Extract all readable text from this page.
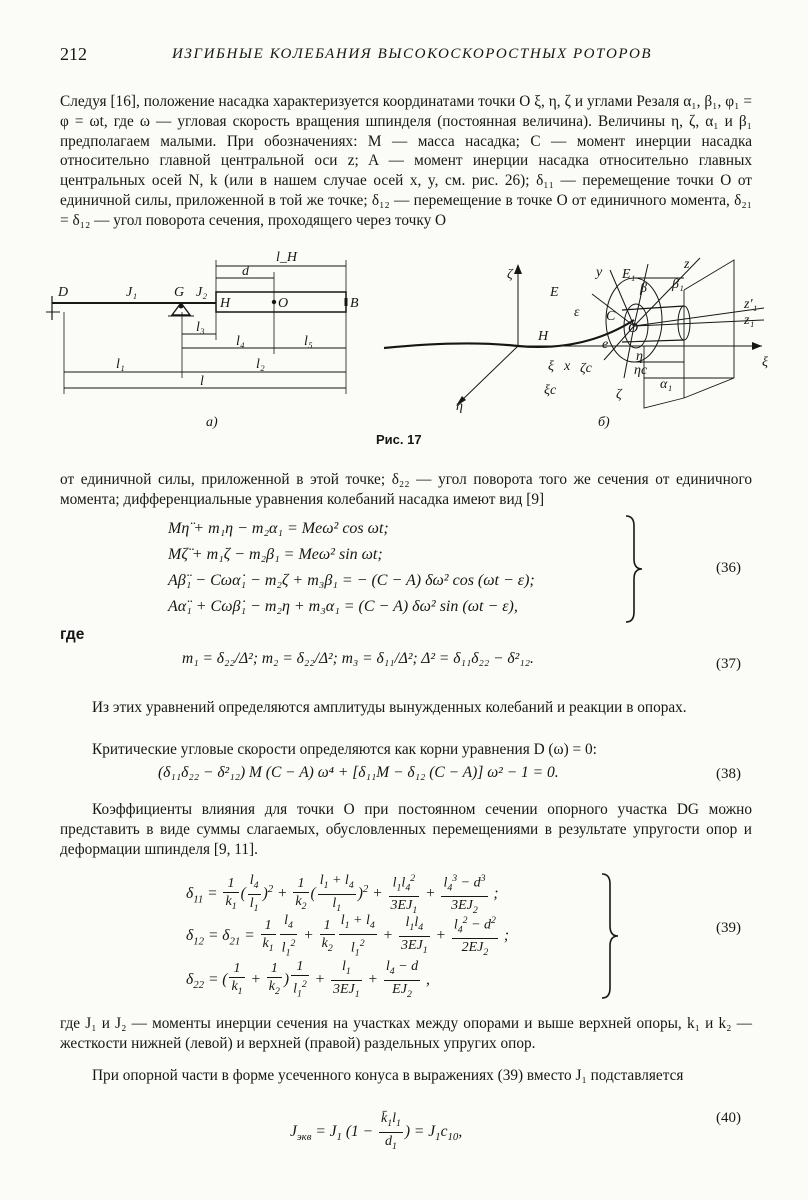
212	ИЗГИБНЫЕ КОЛЕБАНИЯ ВЫСОКОСКОРОСТНЫХ РОТОРОВ

Следуя [16], положение насадка характеризуется координатами точки O ξ, η, ζ и углами Резаля α₁, β₁, φ₁ = φ = ωt, где ω — угловая скорость вращения шпинделя (постоянная величина). Величины η, ζ, α₁ и β₁ предполагаем малыми. При обозначениях: M — масса насадка; C — момент инерции насадка относительно главной центральной оси z; A — момент инерции насадка относительно главных центральных осей N, k (или в нашем случае осей x, y, см. рис. 26); δ₁₁ — перемещение точки O от единичной силы, приложенной в той же точке; δ₁₂ — перемещение в точке O от единичного момента, δ₂₁ = δ₁₂ — угол поворота сечения, проходящего через точку O

D	J₁	G J₂
H	O	B
l_H
d
l₃
l₄	l₅
l₁	l₂
l
а)
ζ	y E₁
z
E
ε
β β₁
z'₁
z₁
C
O
e
H
x ζc
η
ηc
α₁
ξ
ξc
ξ
η
ζ
б)
Рис. 17

от единичной силы, приложенной в этой точке; δ₂₂ — угол поворота того же сечения от единичного момента; дифференциальные уравнения колебаний насадка имеют вид [9]

Mη̈ + m₁η − m₂α₁ = Meω² cos ωt;
Mζ̈ + m₁ζ − m₂β₁ = Meω² sin ωt;
Aβ̈₁ − Cωα̇₁ − m₂ζ + m₃β₁ = − (C − A) δω² cos (ωt − ε);
Aα̈₁ + Cωβ̇₁ − m₂η + m₃α₁ = (C − A) δω² sin (ωt − ε),
(36)
где
m₁ = δ₂₂/Δ²; m₂ = δ₂₂/Δ²; m₃ = δ₁₁/Δ²; Δ² = δ₁₁δ₂₂ − δ²₁₂.	(37)

Из этих уравнений определяются амплитуды вынужденных колебаний и реакции в опорах.

Критические угловые скорости определяются как корни уравнения D (ω) = 0:

(δ₁₁δ₂₂ − δ²₁₂) M (C − A) ω⁴ + [δ₁₁M − δ₁₂ (C − A)] ω² − 1 = 0.	(38)

Коэффициенты влияния для точки O при постоянном сечении опорного участка DG можно представить в виде суммы слагаемых, обусловленных перемещениями в результате упругости опор и деформации шпинделя [9, 11].

$\delta_{11} = \frac{1}{k_1}$ ( $\frac{l_4}{l_1} )^2 + \frac{1}{k_2}$ ( $\frac{l_1 + l_4}{l_1} )^2 + \frac{l_1l_4^2}{3EJ_1} + \frac{l_4^3 - d^3}{3EJ_2}$ ;
$\delta_{12} = \delta_{21} = \frac{1}{k_1} \frac{l_4}{l_1^2} + \frac{1}{k_2} \frac{l_1 + l_4}{l_1^2} + \frac{l_1l_4}{3EJ_1} + \frac{l_4^2 - d^2}{2EJ_2}$ ;
$\delta_{22}$ = ( $\frac{1}{k_1} + \frac{1}{k_2}$ ) $\frac{1}{l_1^2} + \frac{l_1}{3EJ_1} + \frac{l_4 - d}{EJ_2}$ ,
(39)

где J₁ и J₂ — моменты инерции сечения на участках между опорами и выше верхней опоры, k₁ и k₂ — жесткости нижней (левой) и верхней (правой) раздельных упругих опор.

При опорной части в форме усеченного конуса в выражениях (39) вместо J₁ подставляется

$J_{экв} = J_1$ ($1 - \frac{k̄_1l_1}{d_1}$ ) = $J_1c_{10}$,
(40)
